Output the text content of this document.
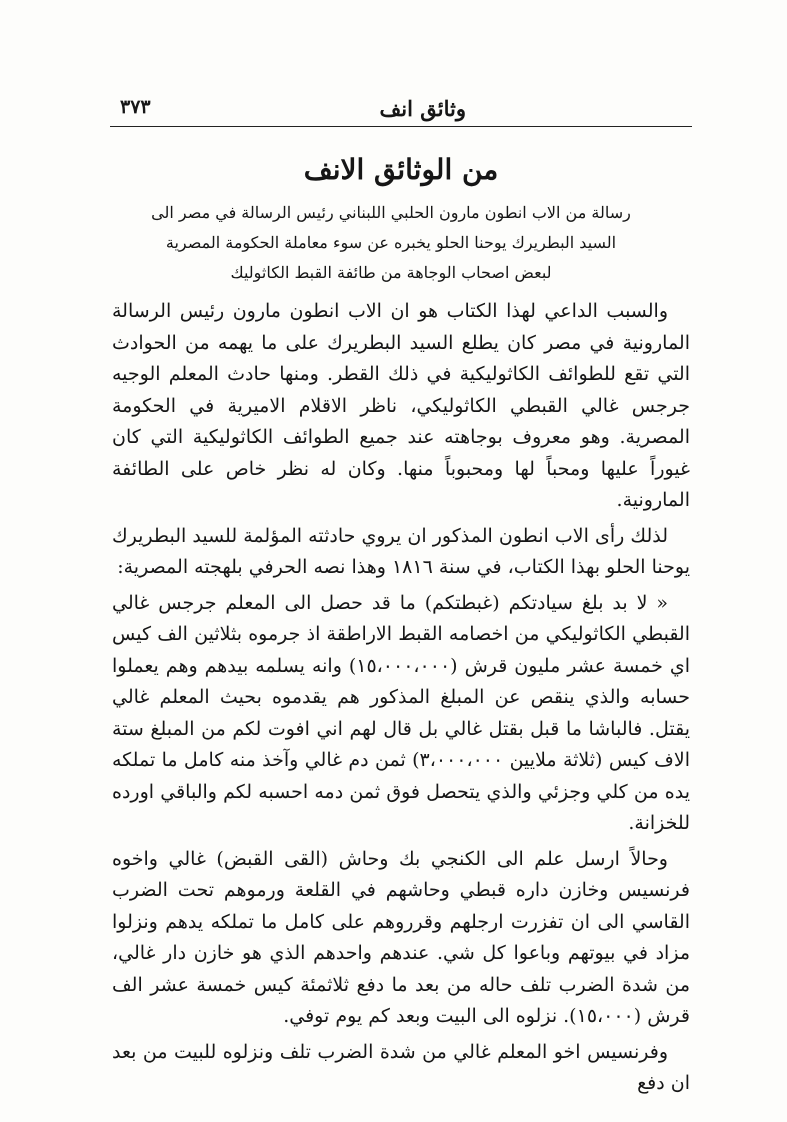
وثائق انف
٣٧٣
من الوثائق الانف
رسالة من الاب انطون مارون الحلبي اللبناني رئيس الرسالة في مصر الى السيد البطريرك يوحنا الحلو يخبره عن سوء معاملة الحكومة المصرية لبعض اصحاب الوجاهة من طائفة القبط الكاثوليك

والسبب الداعي لهذا الكتاب هو ان الاب انطون مارون رئيس الرسالة المارونية في مصر كان يطلع السيد البطريرك على ما يهمه من الحوادث التي تقع للطوائف الكاثوليكية في ذلك القطر. ومنها حادث المعلم الوجيه جرجس غالي القبطي الكاثوليكي، ناظر الاقلام الاميرية في الحكومة المصرية. وهو معروف بوجاهته عند جميع الطوائف الكاثوليكية التي كان غيوراً عليها ومحباً لها ومحبوباً منها. وكان له نظر خاص على الطائفة المارونية.

لذلك رأى الاب انطون المذكور ان يروي حادثته المؤلمة للسيد البطريرك يوحنا الحلو بهذا الكتاب، في سنة ١٨١٦ وهذا نصه الحرفي بلهجته المصرية:

« لا بد بلغ سيادتكم (غبطتكم) ما قد حصل الى المعلم جرجس غالي القبطي الكاثوليكي من اخصامه القبط الاراطقة اذ جرموه بثلاثين الف كيس اي خمسة عشر مليون قرش (١٥،٠٠٠،٠٠٠) وانه يسلمه بيدهم وهم يعملوا حسابه والذي ينقص عن المبلغ المذكور هم يقدموه بحيث المعلم غالي يقتل. فالباشا ما قبل بقتل غالي بل قال لهم اني افوت لكم من المبلغ ستة الاف كيس (ثلاثة ملايين ٣،٠٠٠،٠٠٠) ثمن دم غالي وآخذ منه كامل ما تملكه يده من كلي وجزئي والذي يتحصل فوق ثمن دمه احسبه لكم والباقي اورده للخزانة.

وحالاً ارسل علم الى الكنجي بك وحاش (القى القبض) غالي واخوه فرنسيس وخازن داره قبطي وحاشهم في القلعة ورموهم تحت الضرب القاسي الى ان تفزرت ارجلهم وقرروهم على كامل ما تملكه يدهم ونزلوا مزاد في بيوتهم وباعوا كل شي. عندهم واحدهم الذي هو خازن دار غالي، من شدة الضرب تلف حاله من بعد ما دفع ثلاثمئة كيس خمسة عشر الف قرش (١٥،٠٠٠). نزلوه الى البيت وبعد كم يوم توفي.

وفرنسيس اخو المعلم غالي من شدة الضرب تلف ونزلوه للبيت من بعد ان دفع
